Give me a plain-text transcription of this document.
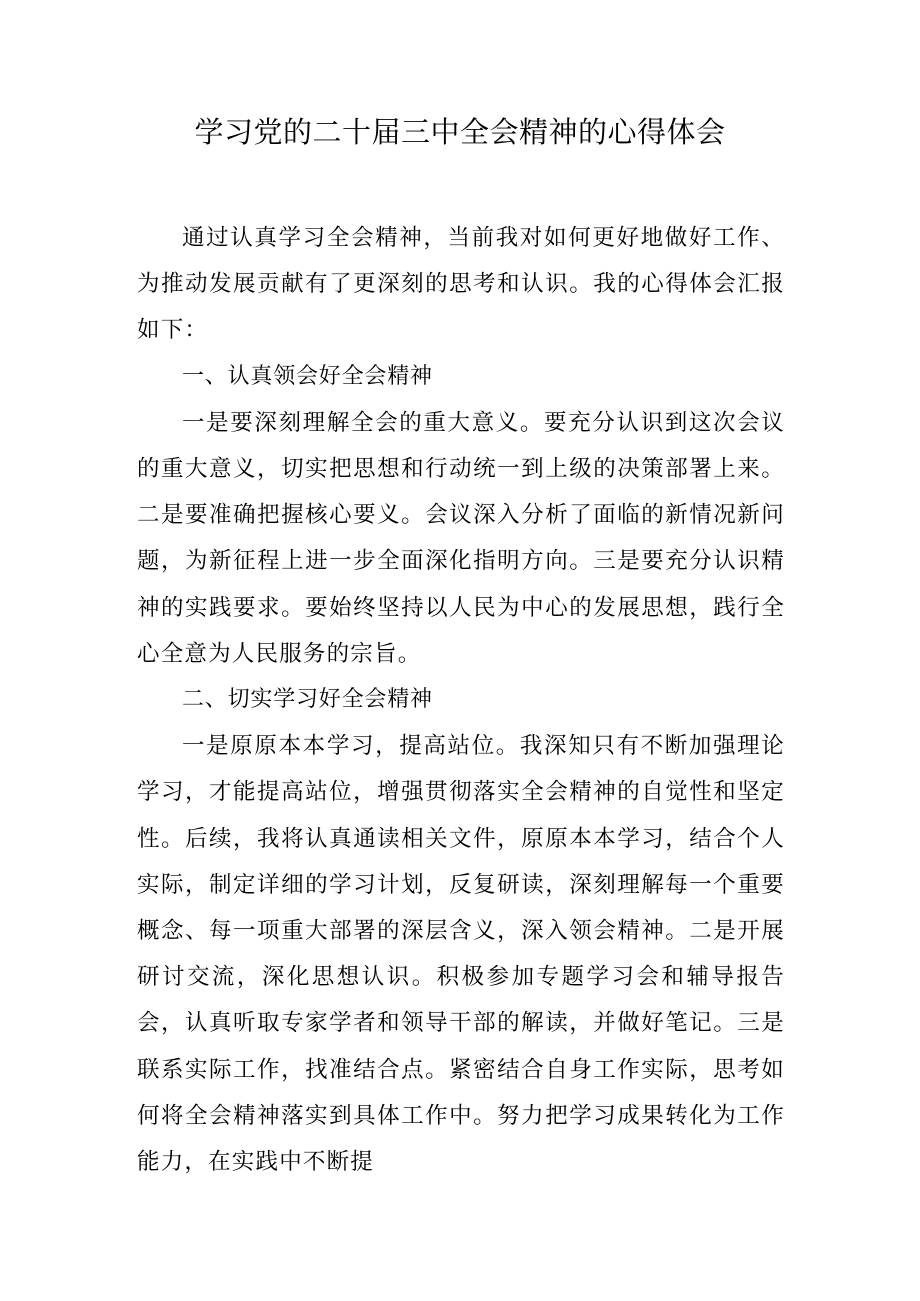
学习党的二十届三中全会精神的心得体会

通过认真学习全会精神，当前我对如何更好地做好工作、为推动发展贡献有了更深刻的思考和认识。我的心得体会汇报如下：

一、认真领会好全会精神

一是要深刻理解全会的重大意义。要充分认识到这次会议的重大意义，切实把思想和行动统一到上级的决策部署上来。二是要准确把握核心要义。会议深入分析了面临的新情况新问题，为新征程上进一步全面深化指明方向。三是要充分认识精神的实践要求。要始终坚持以人民为中心的发展思想，践行全心全意为人民服务的宗旨。

二、切实学习好全会精神

一是原原本本学习，提高站位。我深知只有不断加强理论学习，才能提高站位，增强贯彻落实全会精神的自觉性和坚定性。后续，我将认真通读相关文件，原原本本学习，结合个人实际，制定详细的学习计划，反复研读，深刻理解每一个重要概念、每一项重大部署的深层含义，深入领会精神。二是开展研讨交流，深化思想认识。积极参加专题学习会和辅导报告会，认真听取专家学者和领导干部的解读，并做好笔记。三是联系实际工作，找准结合点。紧密结合自身工作实际，思考如何将全会精神落实到具体工作中。努力把学习成果转化为工作能力，在实践中不断提
